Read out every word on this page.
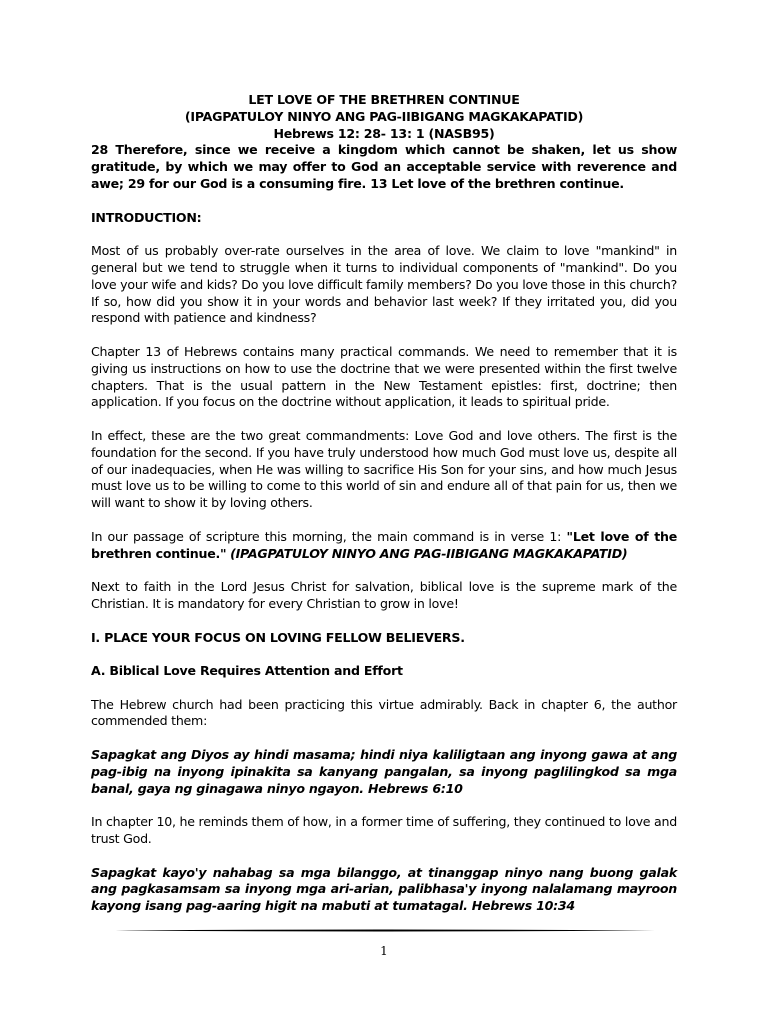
LET LOVE OF THE BRETHREN CONTINUE
(IPAGPATULOY NINYO ANG PAG-IIBIGANG MAGKAKAPATID)
Hebrews 12: 28- 13: 1 (NASB95)

28 Therefore, since we receive a kingdom which cannot be shaken, let us show gratitude, by which we may offer to God an acceptable service with reverence and awe; 29 for our God is a consuming fire. 13 Let love of the brethren continue.

INTRODUCTION:

Most of us probably over-rate ourselves in the area of love. We claim to love "mankind" in general but we tend to struggle when it turns to individual components of "mankind". Do you love your wife and kids? Do you love difficult family members? Do you love those in this church? If so, how did you show it in your words and behavior last week? If they irritated you, did you respond with patience and kindness?

Chapter 13 of Hebrews contains many practical commands. We need to remember that it is giving us instructions on how to use the doctrine that we were presented within the first twelve chapters. That is the usual pattern in the New Testament epistles: first, doctrine; then application. If you focus on the doctrine without application, it leads to spiritual pride.

In effect, these are the two great commandments: Love God and love others. The first is the foundation for the second. If you have truly understood how much God must love us, despite all of our inadequacies, when He was willing to sacrifice His Son for your sins, and how much Jesus must love us to be willing to come to this world of sin and endure all of that pain for us, then we will want to show it by loving others.

In our passage of scripture this morning, the main command is in verse 1: "Let love of the brethren continue." (IPAGPATULOY NINYO ANG PAG-IIBIGANG MAGKAKAPATID)

Next to faith in the Lord Jesus Christ for salvation, biblical love is the supreme mark of the Christian. It is mandatory for every Christian to grow in love!

I. PLACE YOUR FOCUS ON LOVING FELLOW BELIEVERS.

A. Biblical Love Requires Attention and Effort

The Hebrew church had been practicing this virtue admirably. Back in chapter 6, the author commended them:

Sapagkat ang Diyos ay hindi masama; hindi niya kaliligtaan ang inyong gawa at ang pag-ibig na inyong ipinakita sa kanyang pangalan, sa inyong paglilingkod sa mga banal, gaya ng ginagawa ninyo ngayon. Hebrews 6:10

In chapter 10, he reminds them of how, in a former time of suffering, they continued to love and trust God.

Sapagkat kayo'y nahabag sa mga bilanggo, at tinanggap ninyo nang buong galak ang pagkasamsam sa inyong mga ari-arian, palibhasa'y inyong nalalamang mayroon kayong isang pag-aaring higit na mabuti at tumatagal. Hebrews 10:34

1
